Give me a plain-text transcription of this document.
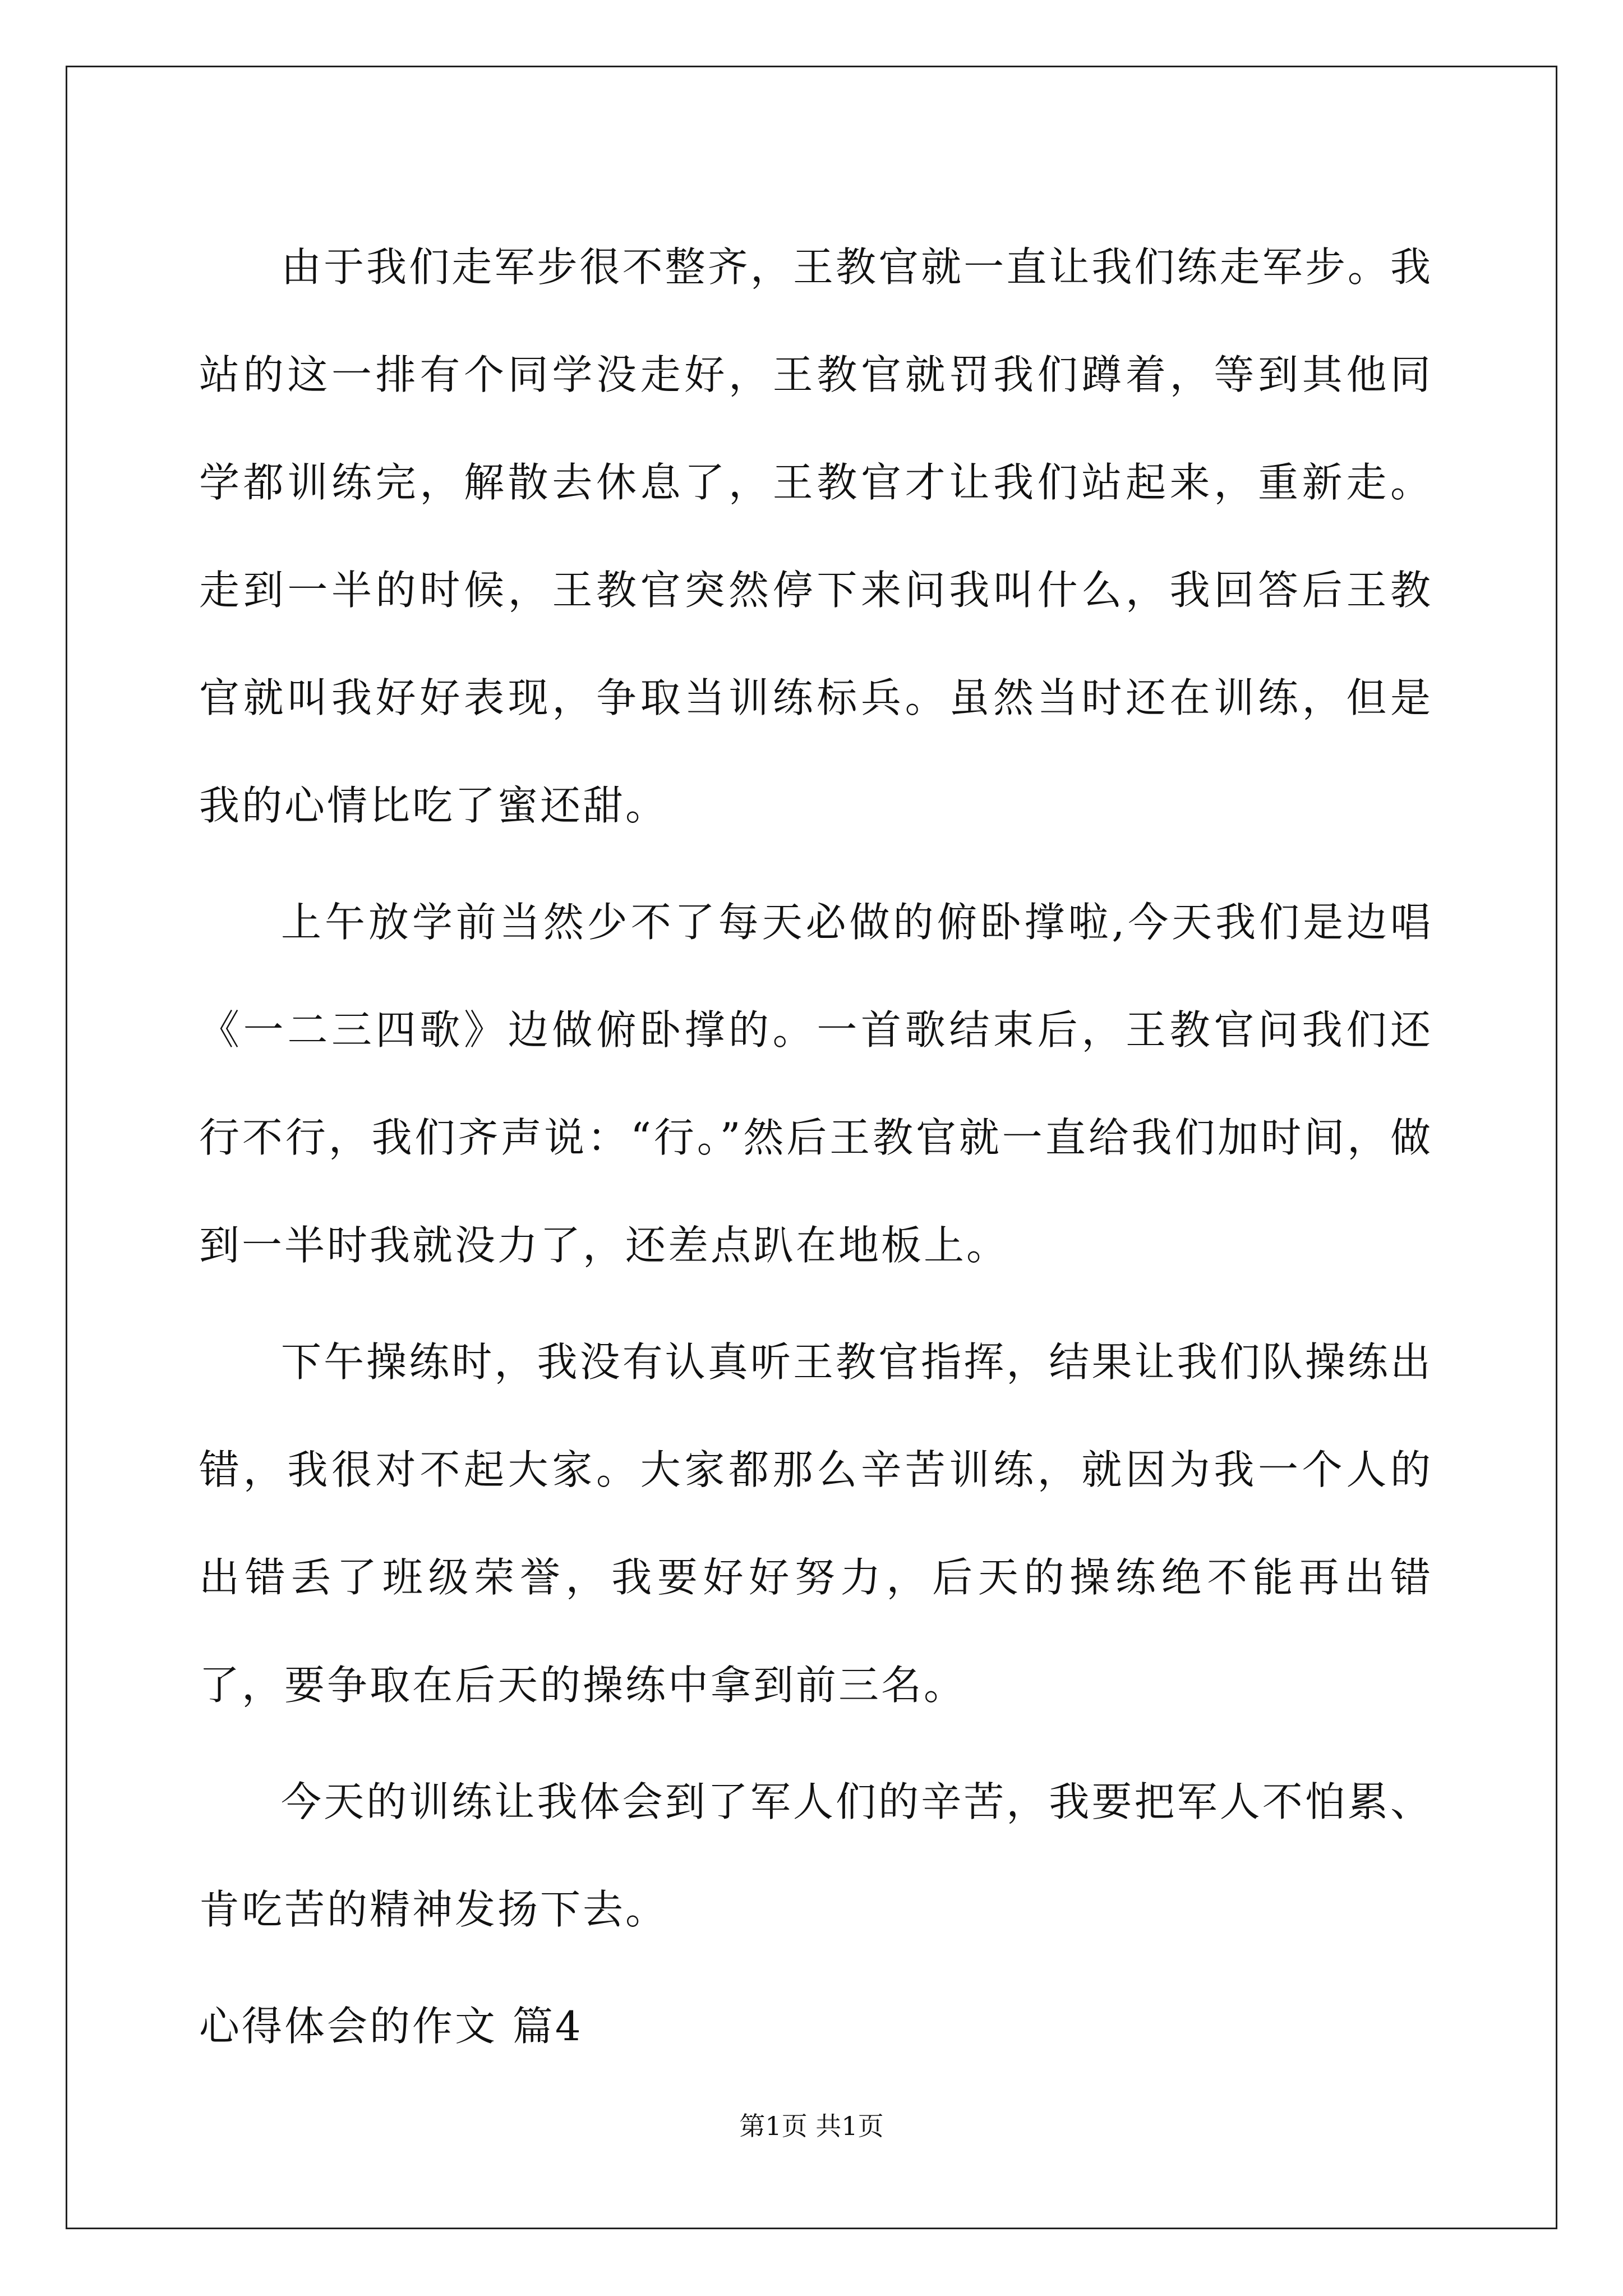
由于我们走军步很不整齐，王教官就一直让我们练走军步。我站的这一排有个同学没走好，王教官就罚我们蹲着，等到其他同学都训练完，解散去休息了，王教官才让我们站起来，重新走。走到一半的时候，王教官突然停下来问我叫什么，我回答后王教官就叫我好好表现，争取当训练标兵。虽然当时还在训练，但是我的心情比吃了蜜还甜。

上午放学前当然少不了每天必做的俯卧撑啦,今天我们是边唱《一二三四歌》边做俯卧撑的。一首歌结束后，王教官问我们还行不行，我们齐声说：“行。”然后王教官就一直给我们加时间，做到一半时我就没力了，还差点趴在地板上。

下午操练时，我没有认真听王教官指挥，结果让我们队操练出错，我很对不起大家。大家都那么辛苦训练，就因为我一个人的出错丢了班级荣誉，我要好好努力，后天的操练绝不能再出错了，要争取在后天的操练中拿到前三名。

今天的训练让我体会到了军人们的辛苦，我要把军人不怕累、肯吃苦的精神发扬下去。

心得体会的作文 篇4

第1页 共1页
